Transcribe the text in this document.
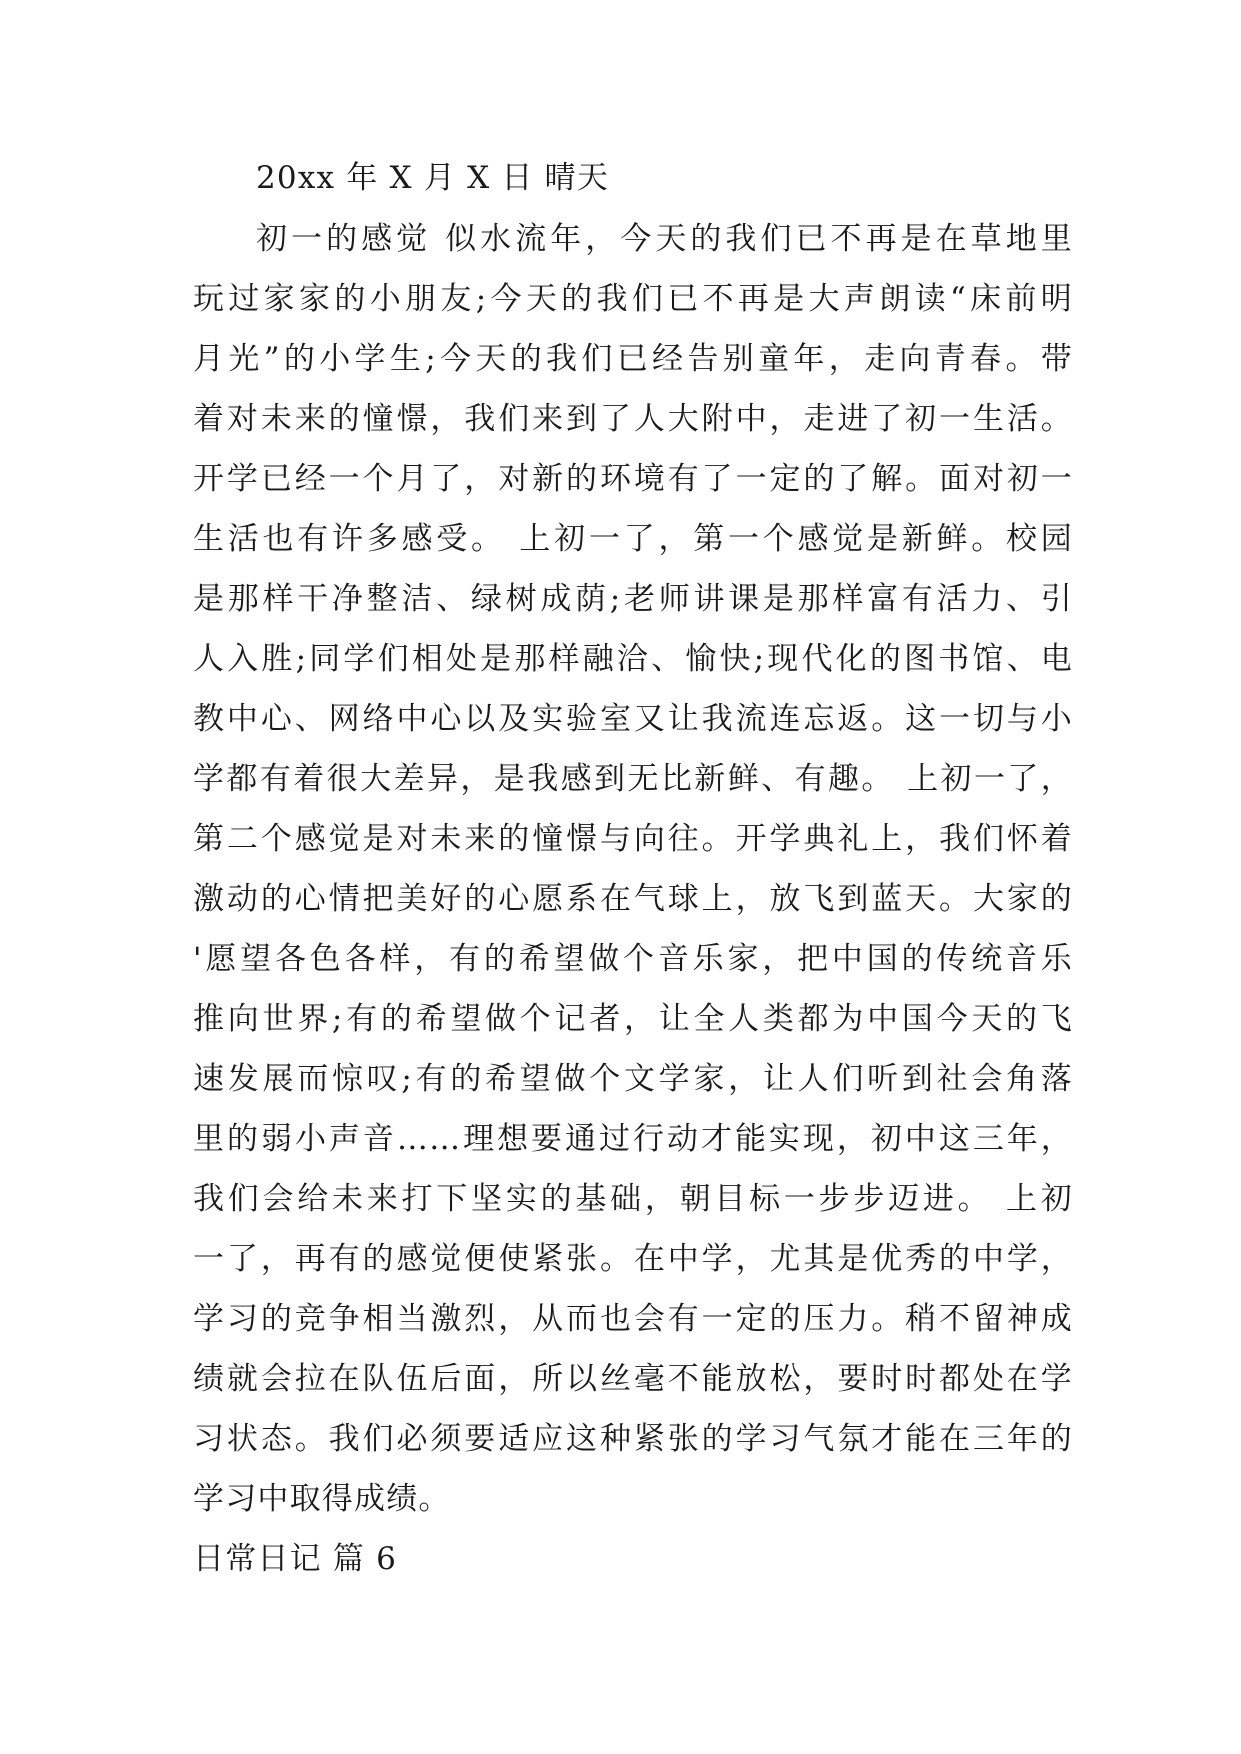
20xx 年 X 月 X 日 晴天
初一的感觉 似水流年，今天的我们已不再是在草地里
玩过家家的小朋友;今天的我们已不再是大声朗读“床前明
月光”的小学生;今天的我们已经告别童年，走向青春。带
着对未来的憧憬，我们来到了人大附中，走进了初一生活。
开学已经一个月了，对新的环境有了一定的了解。面对初一
生活也有许多感受。 上初一了，第一个感觉是新鲜。校园
是那样干净整洁、绿树成荫;老师讲课是那样富有活力、引
人入胜;同学们相处是那样融洽、愉快;现代化的图书馆、电
教中心、网络中心以及实验室又让我流连忘返。这一切与小
学都有着很大差异，是我感到无比新鲜、有趣。 上初一了，
第二个感觉是对未来的憧憬与向往。开学典礼上，我们怀着
激动的心情把美好的心愿系在气球上，放飞到蓝天。大家的
'愿望各色各样，有的希望做个音乐家，把中国的传统音乐
推向世界;有的希望做个记者，让全人类都为中国今天的飞
速发展而惊叹;有的希望做个文学家，让人们听到社会角落
里的弱小声音……理想要通过行动才能实现，初中这三年，
我们会给未来打下坚实的基础，朝目标一步步迈进。 上初
一了，再有的感觉便使紧张。在中学，尤其是优秀的中学，
学习的竞争相当激烈，从而也会有一定的压力。稍不留神成
绩就会拉在队伍后面，所以丝毫不能放松，要时时都处在学
习状态。我们必须要适应这种紧张的学习气氛才能在三年的
学习中取得成绩。
日常日记 篇 6
